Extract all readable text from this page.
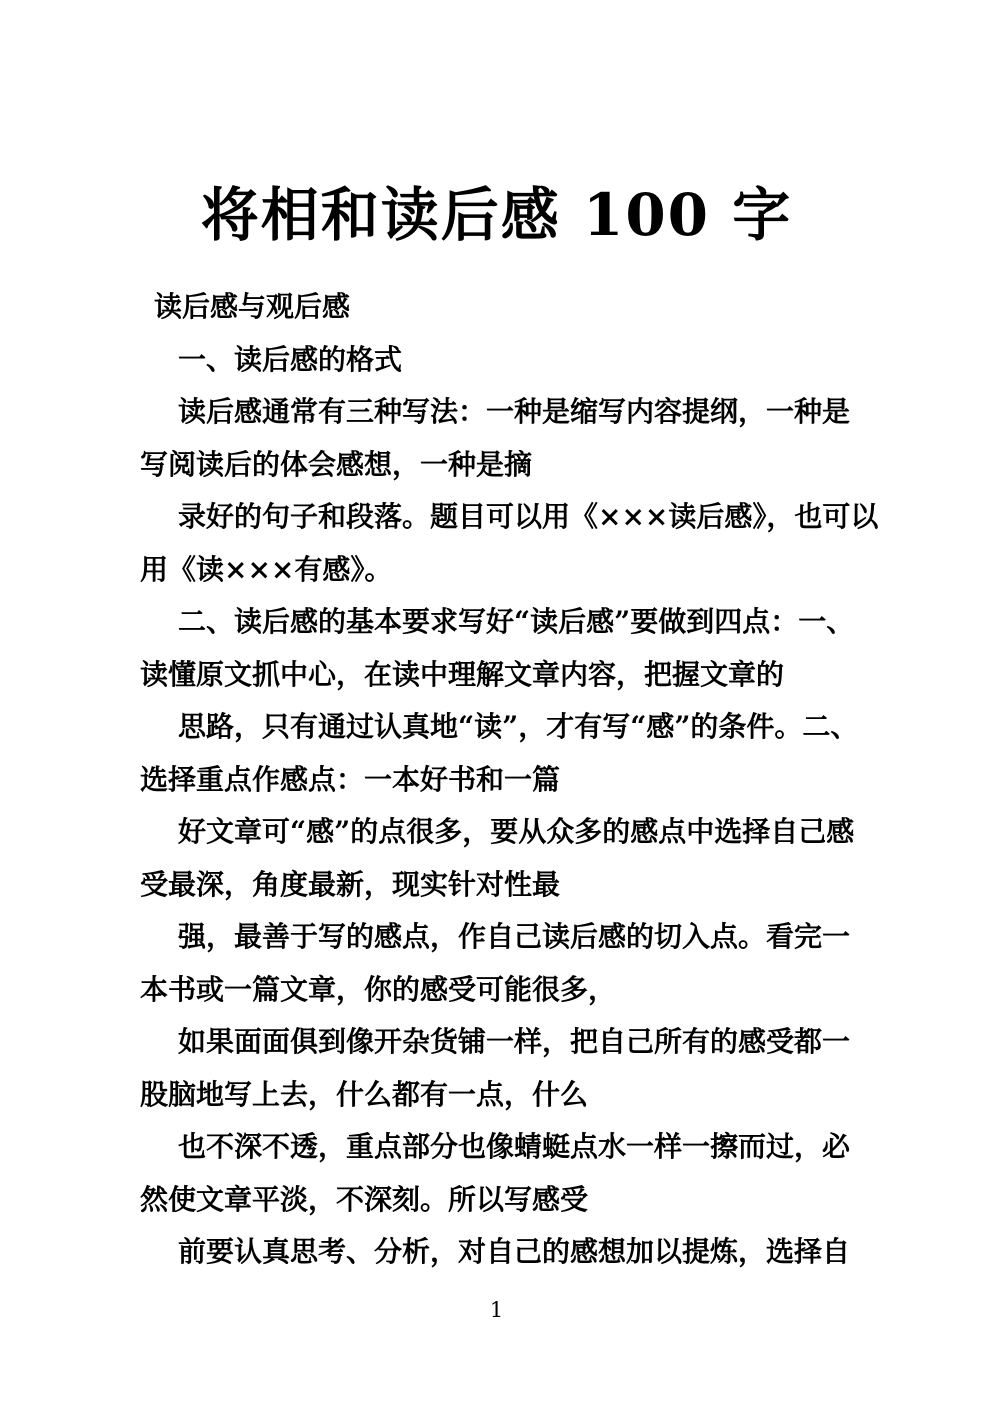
将相和读后感 100 字
读后感与观后感
一、读后感的格式
读后感通常有三种写法：一种是缩写内容提纲，一种是
写阅读后的体会感想，一种是摘
录好的句子和段落。题目可以用《×××读后感》，也可以
用《读×××有感》。
二、读后感的基本要求写好“读后感”要做到四点：一、
读懂原文抓中心，在读中理解文章内容，把握文章的
思路，只有通过认真地“读”，才有写“感”的条件。二、
选择重点作感点：一本好书和一篇
好文章可“感”的点很多，要从众多的感点中选择自己感
受最深，角度最新，现实针对性最
强，最善于写的感点，作自己读后感的切入点。看完一
本书或一篇文章，你的感受可能很多，
如果面面俱到像开杂货铺一样，把自己所有的感受都一
股脑地写上去，什么都有一点，什么
也不深不透，重点部分也像蜻蜓点水一样一擦而过，必
然使文章平淡，不深刻。所以写感受
前要认真思考、分析，对自己的感想加以提炼，选择自
1
